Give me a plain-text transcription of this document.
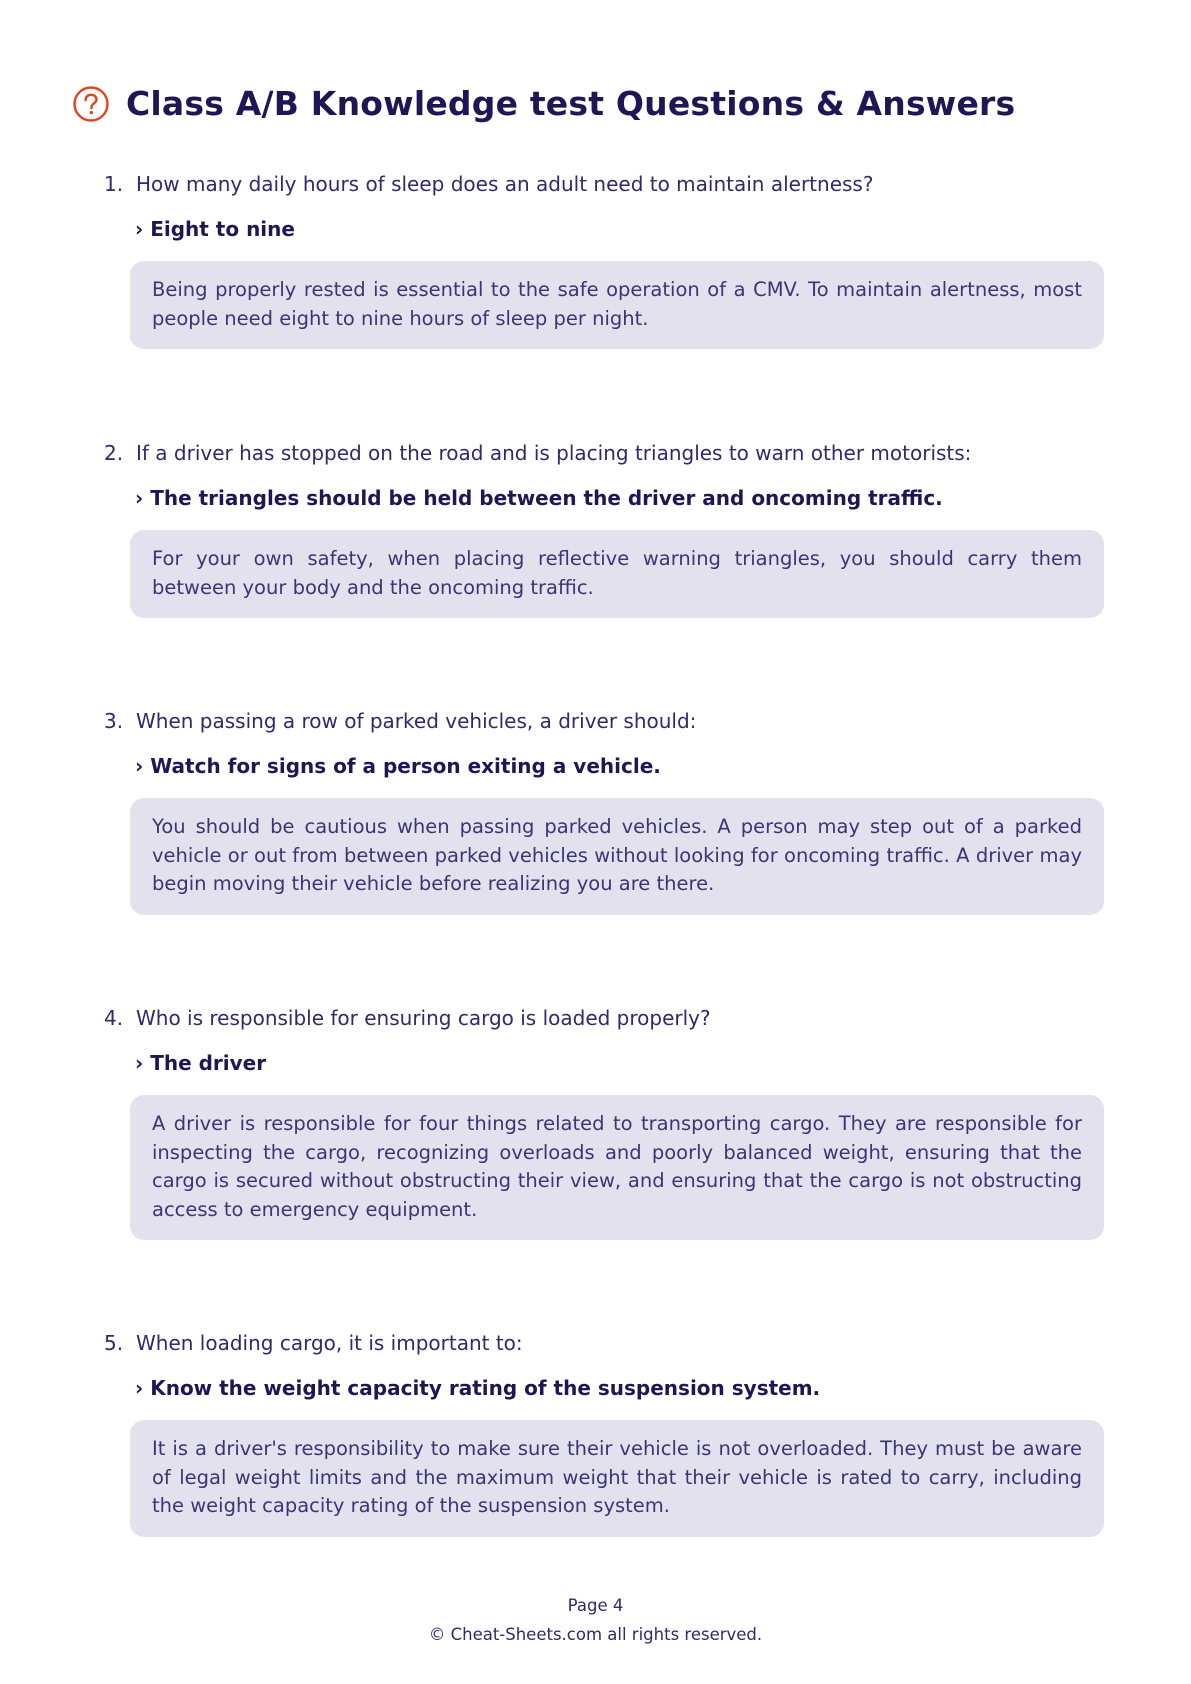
Class A/B Knowledge test Questions & Answers
1. How many daily hours of sleep does an adult need to maintain alertness?
› Eight to nine
Being properly rested is essential to the safe operation of a CMV. To maintain alertness, most people need eight to nine hours of sleep per night.
2. If a driver has stopped on the road and is placing triangles to warn other motorists:
› The triangles should be held between the driver and oncoming traffic.
For your own safety, when placing reflective warning triangles, you should carry them between your body and the oncoming traffic.
3. When passing a row of parked vehicles, a driver should:
› Watch for signs of a person exiting a vehicle.
You should be cautious when passing parked vehicles. A person may step out of a parked vehicle or out from between parked vehicles without looking for oncoming traffic. A driver may begin moving their vehicle before realizing you are there.
4. Who is responsible for ensuring cargo is loaded properly?
› The driver
A driver is responsible for four things related to transporting cargo. They are responsible for inspecting the cargo, recognizing overloads and poorly balanced weight, ensuring that the cargo is secured without obstructing their view, and ensuring that the cargo is not obstructing access to emergency equipment.
5. When loading cargo, it is important to:
› Know the weight capacity rating of the suspension system.
It is a driver's responsibility to make sure their vehicle is not overloaded. They must be aware of legal weight limits and the maximum weight that their vehicle is rated to carry, including the weight capacity rating of the suspension system.
Page 4
© Cheat-Sheets.com all rights reserved.
